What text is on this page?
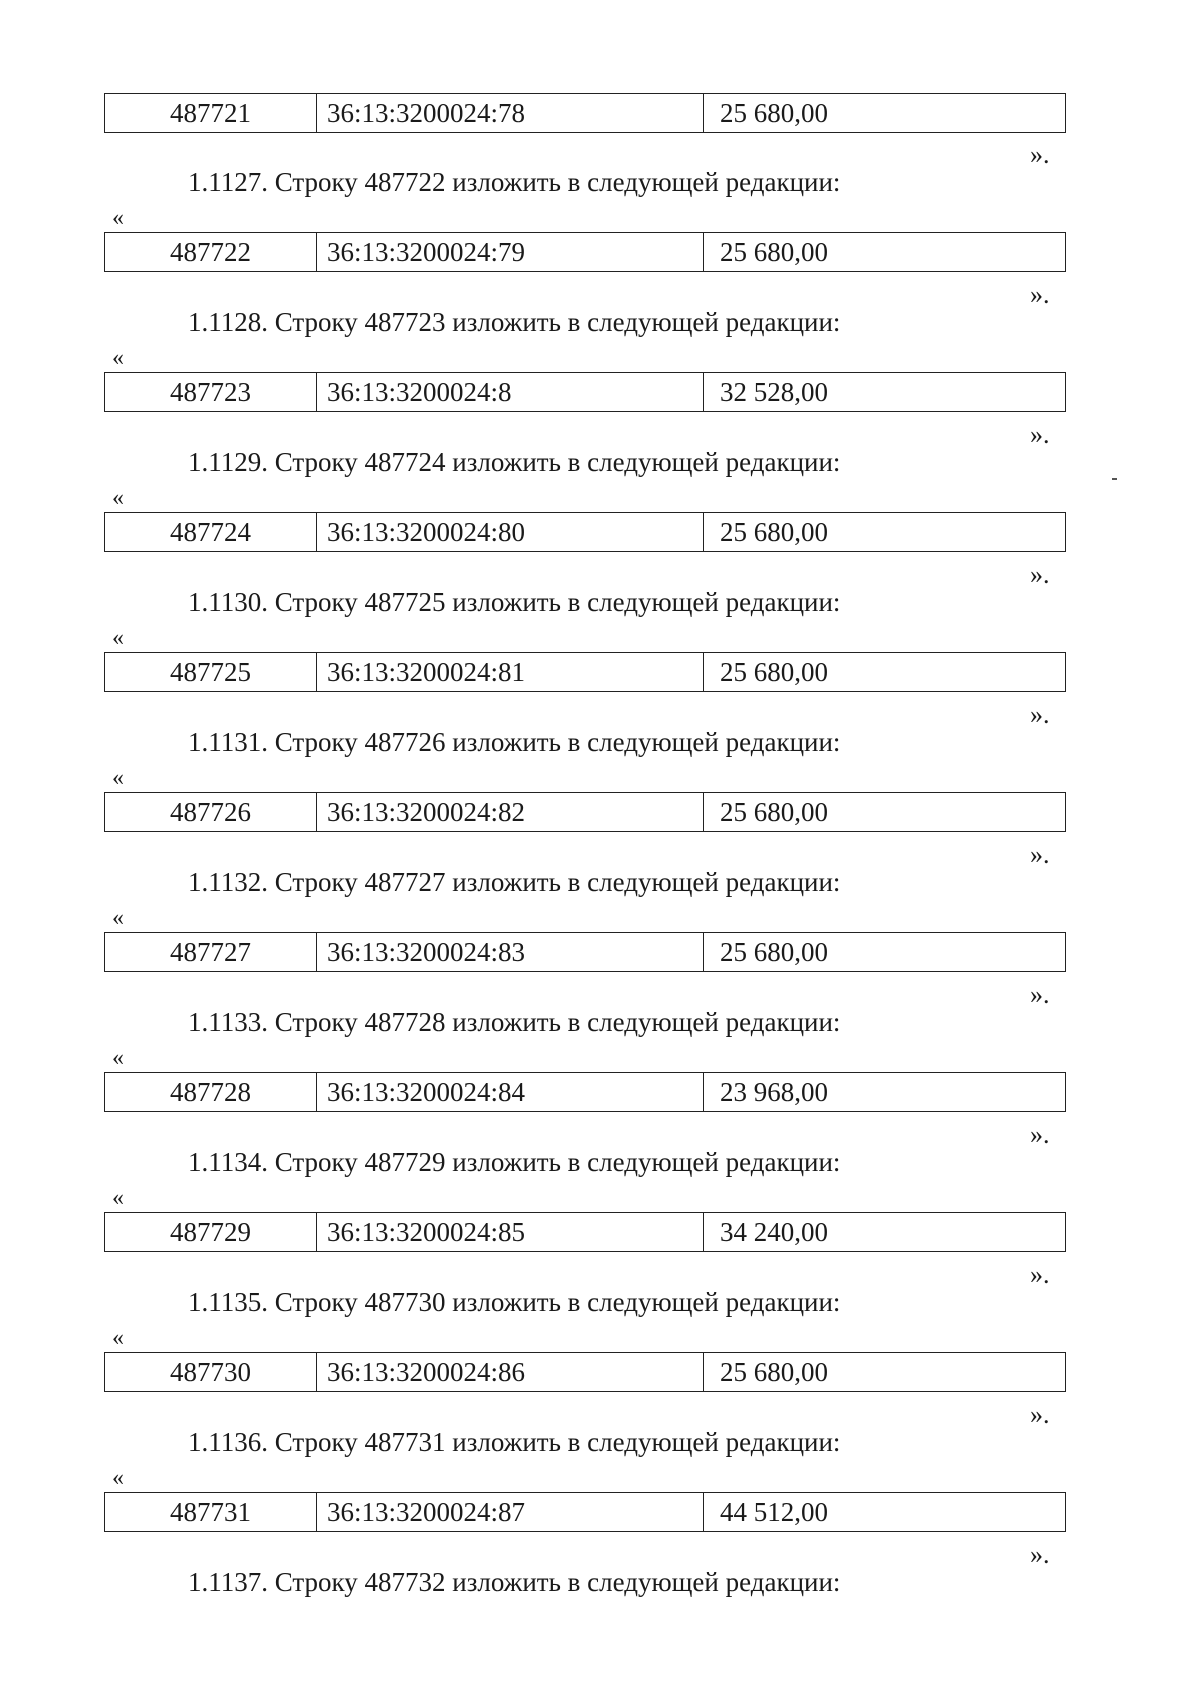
487721	36:13:3200024:78	25 680,00
».
1.1127. Строку 487722 изложить в следующей редакции:
«
487722	36:13:3200024:79	25 680,00
».
1.1128. Строку 487723 изложить в следующей редакции:
«
487723	36:13:3200024:8	32 528,00
».
1.1129. Строку 487724 изложить в следующей редакции:
«
487724	36:13:3200024:80	25 680,00
».
1.1130. Строку 487725 изложить в следующей редакции:
«
487725	36:13:3200024:81	25 680,00
».
1.1131. Строку 487726 изложить в следующей редакции:
«
487726	36:13:3200024:82	25 680,00
».
1.1132. Строку 487727 изложить в следующей редакции:
«
487727	36:13:3200024:83	25 680,00
».
1.1133. Строку 487728 изложить в следующей редакции:
«
487728	36:13:3200024:84	23 968,00
».
1.1134. Строку 487729 изложить в следующей редакции:
«
487729	36:13:3200024:85	34 240,00
».
1.1135. Строку 487730 изложить в следующей редакции:
«
487730	36:13:3200024:86	25 680,00
».
1.1136. Строку 487731 изложить в следующей редакции:
«
487731	36:13:3200024:87	44 512,00
».
1.1137. Строку 487732 изложить в следующей редакции:
